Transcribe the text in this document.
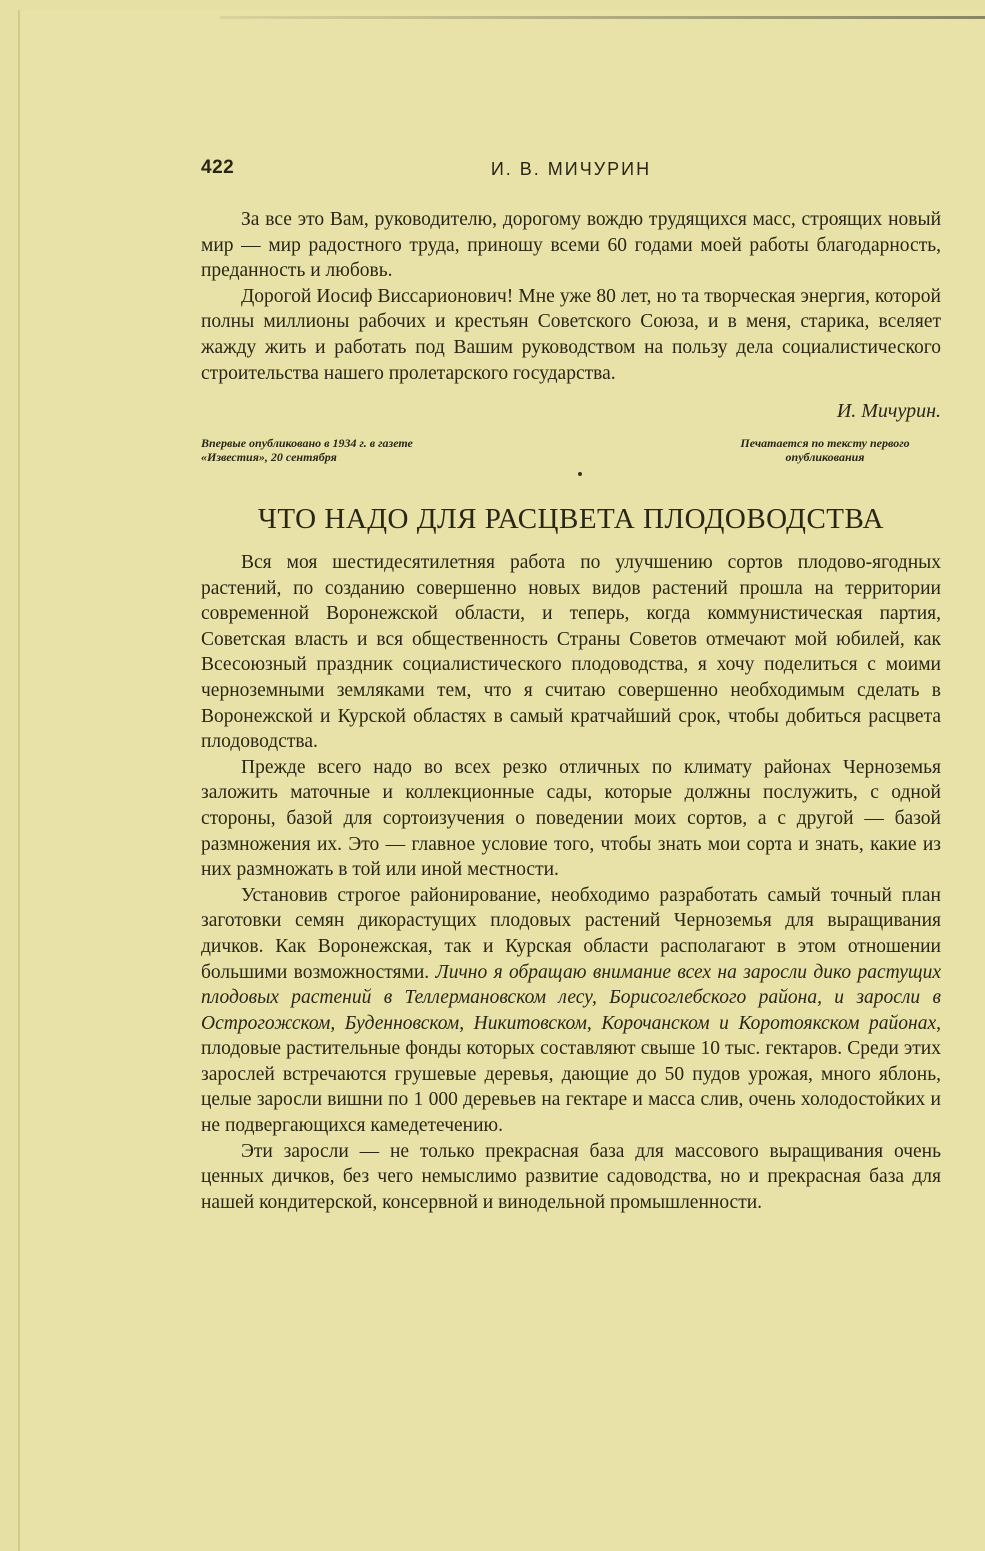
422	И. В. МИЧУРИН

За все это Вам, руководителю, дорогому вождю трудящихся масс, строящих новый мир — мир радостного труда, приношу всеми 60 годами моей работы благодарность, преданность и любовь.

Дорогой Иосиф Виссарионович! Мне уже 80 лет, но та творческая энергия, которой полны миллионы рабочих и крестьян Советского Союза, и в меня, старика, вселяет жажду жить и работать под Вашим руководством на пользу дела социалистического строительства нашего пролетарского государства.

И. Мичурин.
Впервые опубликовано в 1934 г. в газете
«Известия», 20 сентября
Печатается по тексту первого
опубликования
ЧТО НАДО ДЛЯ РАСЦВЕТА ПЛОДОВОДСТВА

Вся моя шестидесятилетняя работа по улучшению сортов плодово-ягодных растений, по созданию совершенно новых видов растений прошла на территории современной Воронежской области, и теперь, когда коммунистическая партия, Советская власть и вся общественность Страны Советов отмечают мой юбилей, как Всесоюзный праздник социалистического плодоводства, я хочу поделиться с моими черноземными земляками тем, что я считаю совершенно необходимым сделать в Воронежской и Курской областях в самый кратчайший срок, чтобы добиться расцвета плодоводства.

Прежде всего надо во всех резко отличных по климату районах Черноземья заложить маточные и коллекционные сады, которые должны послужить, с одной стороны, базой для сортоизучения о поведении моих сортов, а с другой — базой размножения их. Это — главное условие того, чтобы знать мои сорта и знать, какие из них размножать в той или иной местности.

Установив строгое районирование, необходимо разработать самый точный план заготовки семян дикорастущих плодовых растений Черноземья для выращивания дичков. Как Воронежская, так и Курская области располагают в этом отношении большими возможностями. Лично я обращаю внимание всех на заросли дико растущих плодовых растений в Теллермановском лесу, Борисоглебского района, и заросли в Острогожском, Буденновском, Никитовском, Корочанском и Коротоякском районах, плодовые растительные фонды которых составляют свыше 10 тыс. гектаров. Среди этих зарослей встречаются грушевые деревья, дающие до 50 пудов урожая, много яблонь, целые заросли вишни по 1 000 деревьев на гектаре и масса слив, очень холодостойких и не подвергающихся камедетечению.

Эти заросли — не только прекрасная база для массового выращивания очень ценных дичков, без чего немыслимо развитие садоводства, но и прекрасная база для нашей кондитерской, консервной и винодельной промышленности.
